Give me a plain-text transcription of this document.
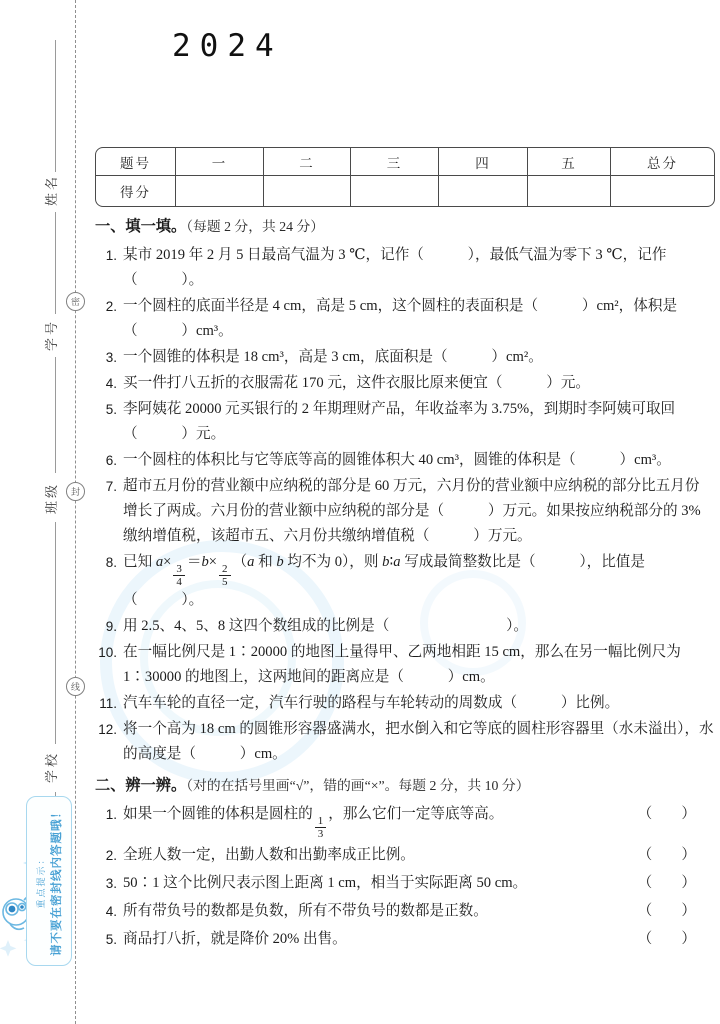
姓名
学号
班级
学校
密
封
线
重点提示： 请不要在密封线内答题哦！
2024
题号	一	二	三	四	五	总分
得分
一、填一填。（每题 2 分，共 24 分）
1. 某市 2019 年 2 月 5 日最高气温为 3 ℃，记作（　　　），最低气温为零下 3 ℃，记作（　　　）。
2. 一个圆柱的底面半径是 4 cm，高是 5 cm，这个圆柱的表面积是（　　　）cm²，体积是（　　　）cm³。
3. 一个圆锥的体积是 18 cm³，高是 3 cm，底面积是（　　　）cm²。
4. 买一件打八五折的衣服需花 170 元，这件衣服比原来便宜（　　　）元。
5. 李阿姨花 20000 元买银行的 2 年期理财产品，年收益率为 3.75%，到期时李阿姨可取回（　　　）元。
6. 一个圆柱的体积比与它等底等高的圆锥体积大 40 cm³，圆锥的体积是（　　　）cm³。
7. 超市五月份的营业额中应纳税的部分是 60 万元，六月份的营业额中应纳税的部分比五月份增长了两成。六月份的营业额中应纳税的部分是（　　　）万元。如果按应纳税部分的 3% 缴纳增值税，该超市五、六月份共缴纳增值税（　　　）万元。
8. 已知 a×
$\frac{3}{4}$
＝b×
$\frac{2}{5}$
（a 和 b 均不为 0），则 b∶a 写成最简整数比是（　　　），比值是（　　　）。
9. 用 2.5、4、5、8 这四个数组成的比例是（　　　　　　　　）。
10. 在一幅比例尺是 1∶20000 的地图上量得甲、乙两地相距 15 cm，那么在另一幅比例尺为 1∶30000 的地图上，这两地间的距离应是（　　　）cm。
11. 汽车车轮的直径一定，汽车行驶的路程与车轮转动的周数成（　　　）比例。
12. 将一个高为 18 cm 的圆锥形容器盛满水，把水倒入和它等底的圆柱形容器里（水未溢出），水的高度是（　　　）cm。
二、辨一辨。（对的在括号里画“√”，错的画“×”。每题 2 分，共 10 分）
1. 如果一个圆锥的体积是圆柱的
$\frac{1}{3}$
，那么它们一定等底等高。	（　　）
2. 全班人数一定，出勤人数和出勤率成正比例。	（　　）
3. 50∶1 这个比例尺表示图上距离 1 cm，相当于实际距离 50 cm。	（　　）
4. 所有带负号的数都是负数，所有不带负号的数都是正数。	（　　）
5. 商品打八折，就是降价 20% 出售。	（　　）
